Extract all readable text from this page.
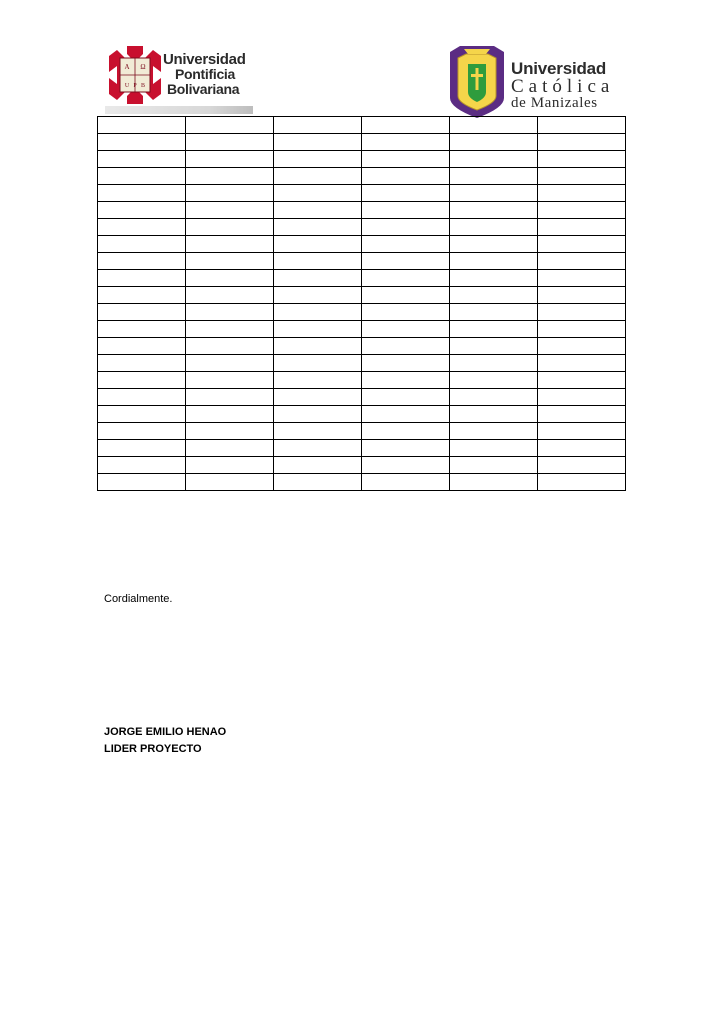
A Ω
U P B
Universidad
Pontificia
Bolivariana
Universidad
Católica
de Manizales

Cordialmente.
JORGE EMILIO HENAO
LIDER PROYECTO
